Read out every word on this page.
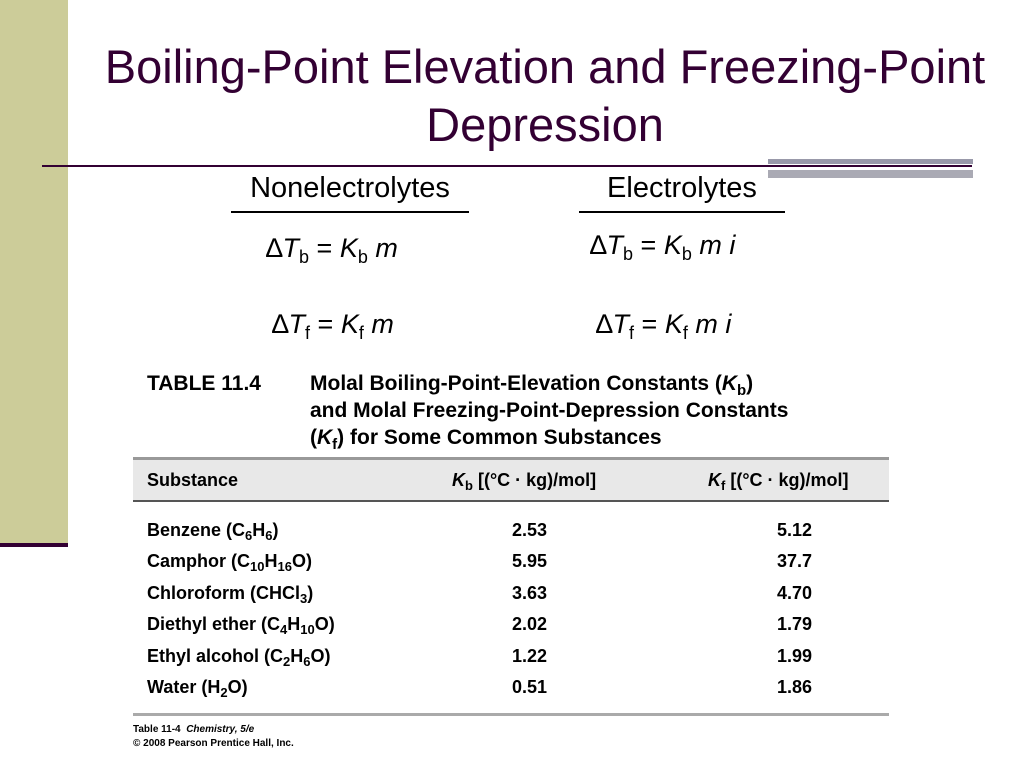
Boiling-Point Elevation and Freezing-Point Depression
Nonelectrolytes	Electrolytes
$\Delta T_b = K_b$ m	$\Delta T_b = K_b$ m i
$\Delta T_f = K_f$ m	$\Delta T_f = K_f$ m i
TABLE 11.4 Molal Boiling-Point-Elevation Constants $(K_b)$
and Molal Freezing-Point-Depression Constants
$(K_f)$ for Some Common Substances
Substance	$K_b$ [(°C · kg)/mol]	$K_f$ [(°C · kg)/mol]
Benzene $(C_6H_6)$	2.53	5.12
Camphor $(C_{10}H_{16}O)$	5.95	37.7
Chloroform (CHCl$_3$)	3.63	4.70
Diethyl ether $(C_4H_{10}O)$	2.02	1.79
Ethyl alcohol $(C_2H_6O)$	1.22	1.99
Water $(H_2O)$	0.51	1.86
Table 11-4 Chemistry, 5/e
© 2008 Pearson Prentice Hall, Inc.
